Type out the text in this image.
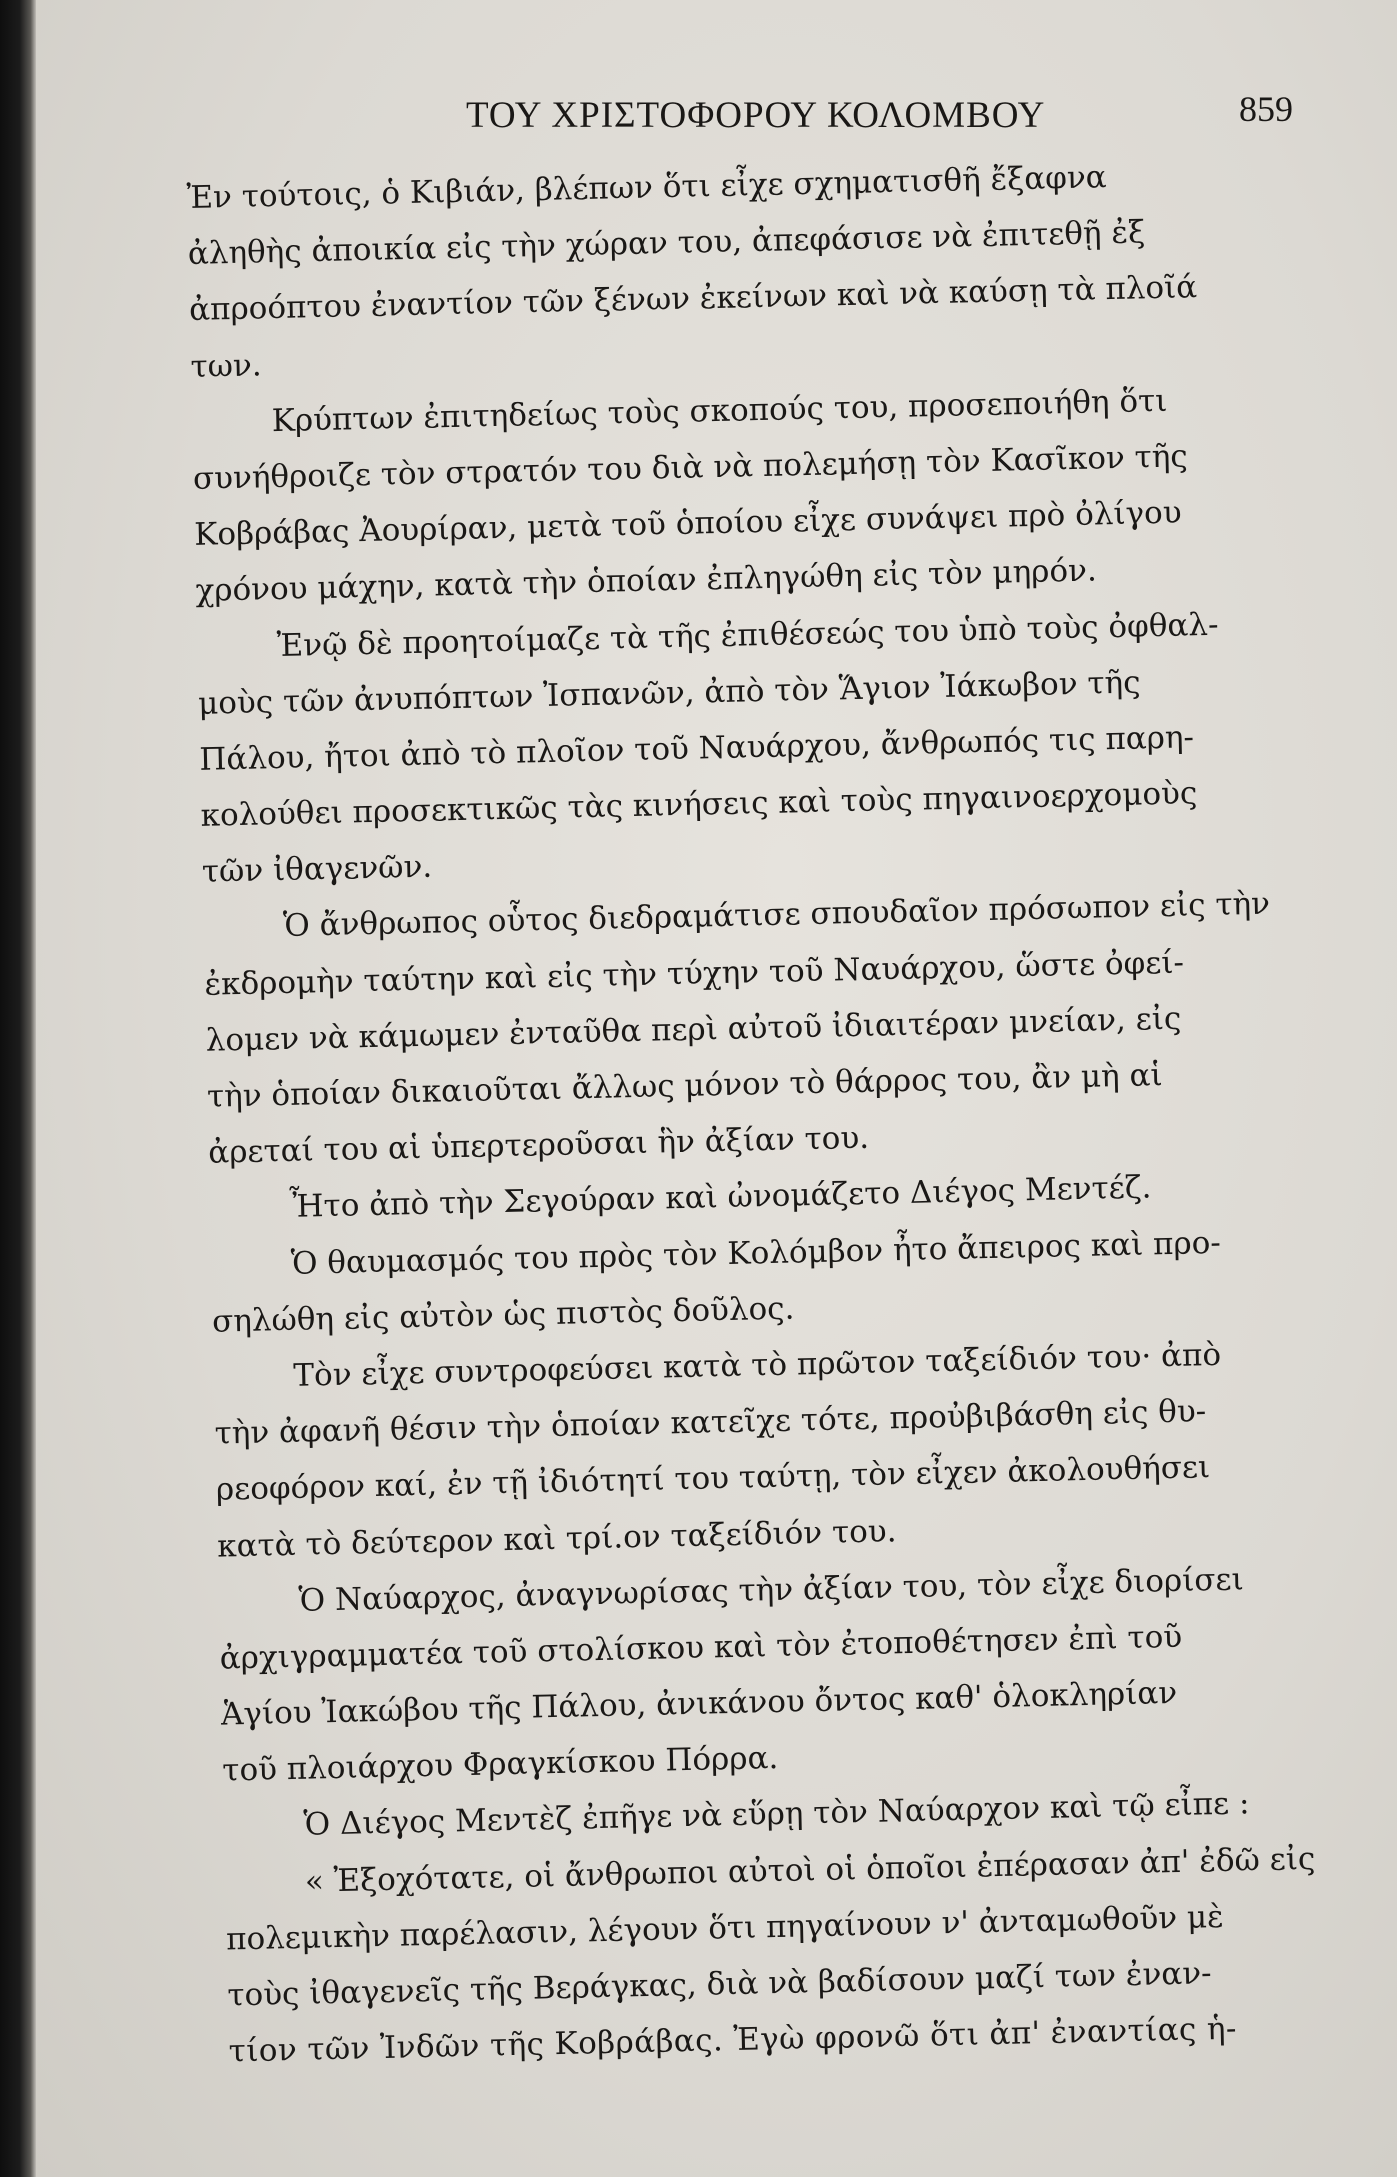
ΤΟΥ ΧΡΙΣΤΟΦΟΡΟΥ ΚΟΛΟΜΒΟΥ	859
Ἐν τούτοις, ὁ Κιβιάν, βλέπων ὅτι εἶχε σχηματισθῆ ἔξαφνα
ἀληθὴς ἀποικία εἰς τὴν χώραν του, ἀπεφάσισε νὰ ἐπιτεθῇ ἐξ
ἀπροόπτου ἐναντίον τῶν ξένων ἐκείνων καὶ νὰ καύσῃ τὰ πλοῖά
των.
Κρύπτων ἐπιτηδείως τοὺς σκοπούς του, προσεποιήθη ὅτι
συνήθροιζε τὸν στρατόν του διὰ νὰ πολεμήσῃ τὸν Κασῖκον τῆς
Κοβράβας Ἀουρίραν, μετὰ τοῦ ὁποίου εἶχε συνάψει πρὸ ὀλίγου
χρόνου μάχην, κατὰ τὴν ὁποίαν ἐπληγώθη εἰς τὸν μηρόν.
Ἐνῷ δὲ προητοίμαζε τὰ τῆς ἐπιθέσεώς του ὑπὸ τοὺς ὀφθαλ-
μοὺς τῶν ἀνυπόπτων Ἰσπανῶν, ἀπὸ τὸν Ἅγιον Ἰάκωβον τῆς
Πάλου, ἤτοι ἀπὸ τὸ πλοῖον τοῦ Ναυάρχου, ἄνθρωπός τις παρη-
κολούθει προσεκτικῶς τὰς κινήσεις καὶ τοὺς πηγαινοερχομοὺς
τῶν ἰθαγενῶν.
Ὁ ἄνθρωπος οὗτος διεδραμάτισε σπουδαῖον πρόσωπον εἰς τὴν
ἐκδρομὴν ταύτην καὶ εἰς τὴν τύχην τοῦ Ναυάρχου, ὥστε ὀφεί-
λομεν νὰ κάμωμεν ἐνταῦθα περὶ αὐτοῦ ἰδιαιτέραν μνείαν, εἰς
τὴν ὁποίαν δικαιοῦται ἄλλως μόνον τὸ θάρρος του, ἂν μὴ αἱ
ἀρεταί του αἱ ὑπερτεροῦσαι ἣν ἀξίαν του.
Ἦτο ἀπὸ τὴν Σεγούραν καὶ ὠνομάζετο Διέγος Μεντέζ.
Ὁ θαυμασμός του πρὸς τὸν Κολόμβον ἦτο ἄπειρος καὶ προ-
σηλώθη εἰς αὐτὸν ὡς πιστὸς δοῦλος.
Τὸν εἶχε συντροφεύσει κατὰ τὸ πρῶτον ταξείδιόν του· ἀπὸ
τὴν ἀφανῆ θέσιν τὴν ὁποίαν κατεῖχε τότε, προὐβιβάσθη εἰς θυ-
ρεοφόρον καί, ἐν τῇ ἰδιότητί του ταύτῃ, τὸν εἶχεν ἀκολουθήσει
κατὰ τὸ δεύτερον καὶ τρί.ον ταξείδιόν του.
Ὁ Ναύαρχος, ἀναγνωρίσας τὴν ἀξίαν του, τὸν εἶχε διορίσει
ἀρχιγραμματέα τοῦ στολίσκου καὶ τὸν ἐτοποθέτησεν ἐπὶ τοῦ
Ἁγίου Ἰακώβου τῆς Πάλου, ἀνικάνου ὄντος καθ' ὁλοκληρίαν
τοῦ πλοιάρχου Φραγκίσκου Πόρρα.
Ὁ Διέγος Μεντὲζ ἐπῆγε νὰ εὕρῃ τὸν Ναύαρχον καὶ τῷ εἶπε :
« Ἐξοχότατε, οἱ ἄνθρωποι αὐτοὶ οἱ ὁποῖοι ἐπέρασαν ἀπ' ἐδῶ εἰς
πολεμικὴν παρέλασιν, λέγουν ὅτι πηγαίνουν ν' ἀνταμωθοῦν μὲ
τοὺς ἰθαγενεῖς τῆς Βεράγκας, διὰ νὰ βαδίσουν μαζί των ἐναν-
τίον τῶν Ἰνδῶν τῆς Κοβράβας. Ἐγὼ φρονῶ ὅτι ἀπ' ἐναντίας ἡ-
